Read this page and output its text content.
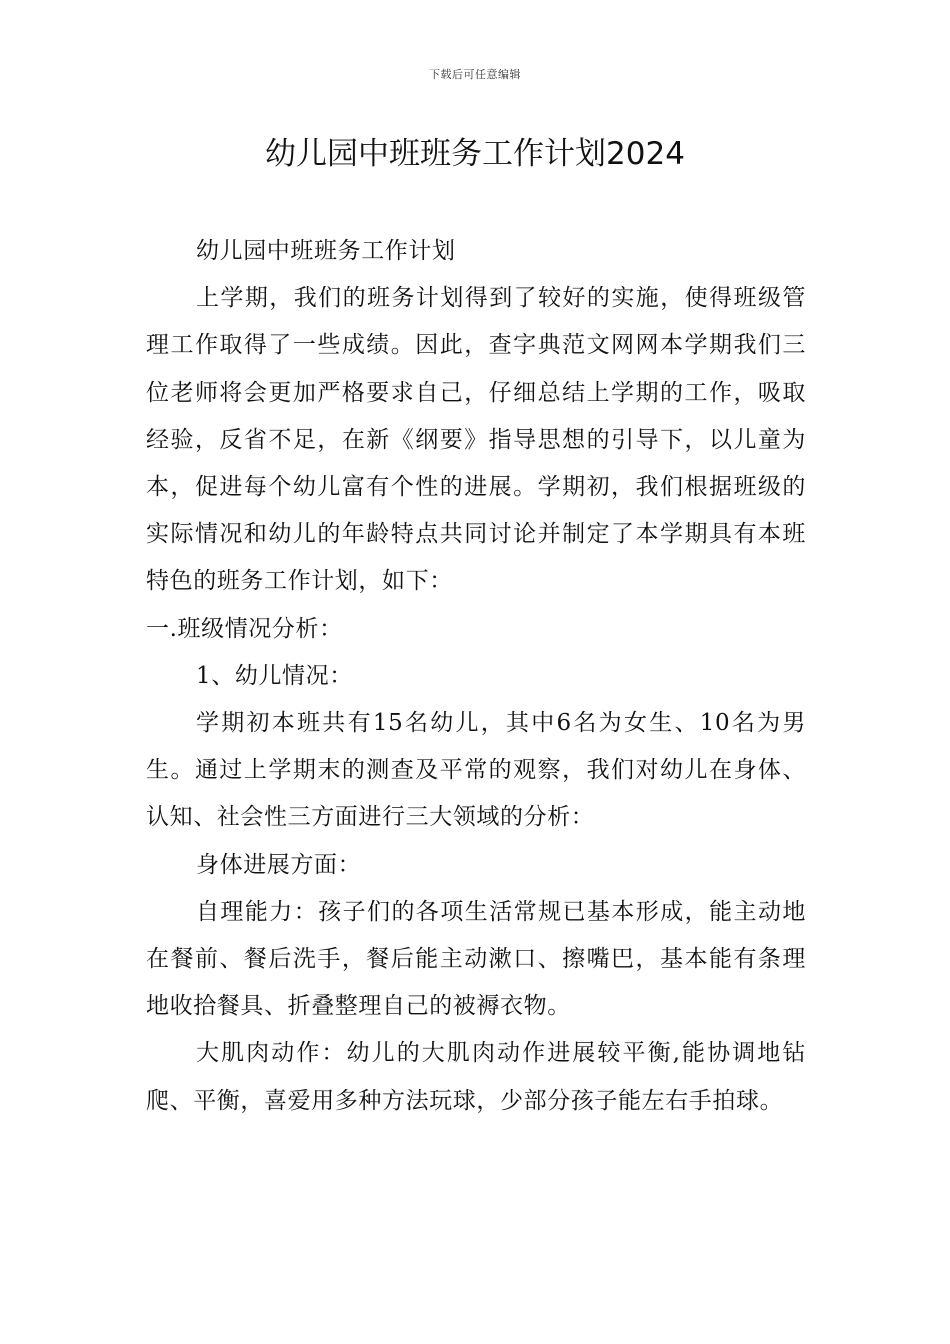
下载后可任意编辑
幼儿园中班班务工作计划2024

幼儿园中班班务工作计划

上学期，我们的班务计划得到了较好的实施，使得班级管理工作取得了一些成绩。因此，查字典范文网网本学期我们三位老师将会更加严格要求自己，仔细总结上学期的工作，吸取经验，反省不足，在新《纲要》指导思想的引导下，以儿童为本，促进每个幼儿富有个性的进展。学期初，我们根据班级的实际情况和幼儿的年龄特点共同讨论并制定了本学期具有本班特色的班务工作计划，如下：

一.班级情况分析：

1、幼儿情况：

学期初本班共有15名幼儿，其中6名为女生、10名为男生。通过上学期末的测查及平常的观察，我们对幼儿在身体、认知、社会性三方面进行三大领域的分析：

身体进展方面：

自理能力：孩子们的各项生活常规已基本形成，能主动地在餐前、餐后洗手，餐后能主动漱口、擦嘴巴，基本能有条理地收拾餐具、折叠整理自己的被褥衣物。

大肌肉动作：幼儿的大肌肉动作进展较平衡,能协调地钻爬、平衡，喜爱用多种方法玩球，少部分孩子能左右手拍球。
